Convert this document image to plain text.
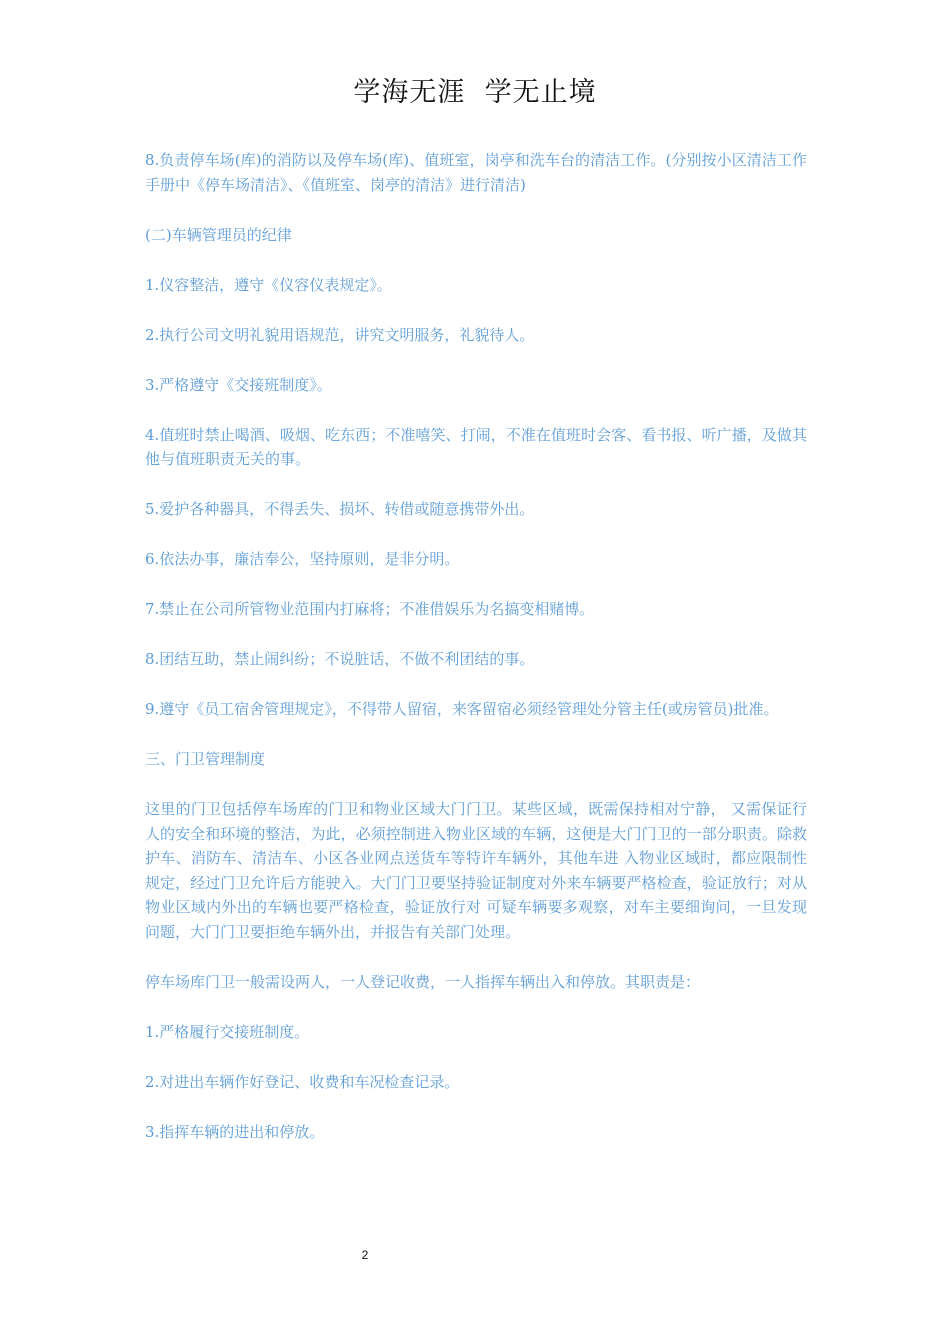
学海无涯  学无止境

8.负责停车场(库)的消防以及停车场(库)、值班室，岗亭和洗车台的清洁工作。(分别按小区清洁工作手册中《停车场清洁》、《值班室、岗亭的清洁》进行清洁)

(二)车辆管理员的纪律

1.仪容整洁，遵守《仪容仪表规定》。

2.执行公司文明礼貌用语规范，讲究文明服务，礼貌待人。

3.严格遵守《交接班制度》。

4.值班时禁止喝酒、吸烟、吃东西；不准嘻笑、打闹，不准在值班时会客、看书报、听广播，及做其他与值班职责无关的事。

5.爱护各种器具，不得丢失、损坏、转借或随意携带外出。

6.依法办事，廉洁奉公，坚持原则，是非分明。

7.禁止在公司所管物业范围内打麻将；不准借娱乐为名搞变相赌博。

8.团结互助，禁止闹纠纷；不说脏话，不做不利团结的事。

9.遵守《员工宿舍管理规定》，不得带人留宿，来客留宿必须经管理处分管主任(或房管员)批准。

三、门卫管理制度

这里的门卫包括停车场库的门卫和物业区域大门门卫。某些区域，既需保持相对宁静， 又需保证行人的安全和环境的整洁，为此，必须控制进入物业区域的车辆，这便是大门门卫的一部分职责。除救护车、消防车、清洁车、小区各业网点送货车等特许车辆外，其他车进 入物业区域时，都应限制性规定，经过门卫允许后方能驶入。大门门卫要坚持验证制度对外来车辆要严格检查，验证放行；对从物业区域内外出的车辆也要严格检查，验证放行对 可疑车辆要多观察，对车主要细询问，一旦发现问题，大门门卫要拒绝车辆外出，并报告有关部门处理。

停车场库门卫一般需设两人，一人登记收费，一人指挥车辆出入和停放。其职责是：

1.严格履行交接班制度。

2.对进出车辆作好登记、收费和车况检查记录。

3.指挥车辆的进出和停放。

2
